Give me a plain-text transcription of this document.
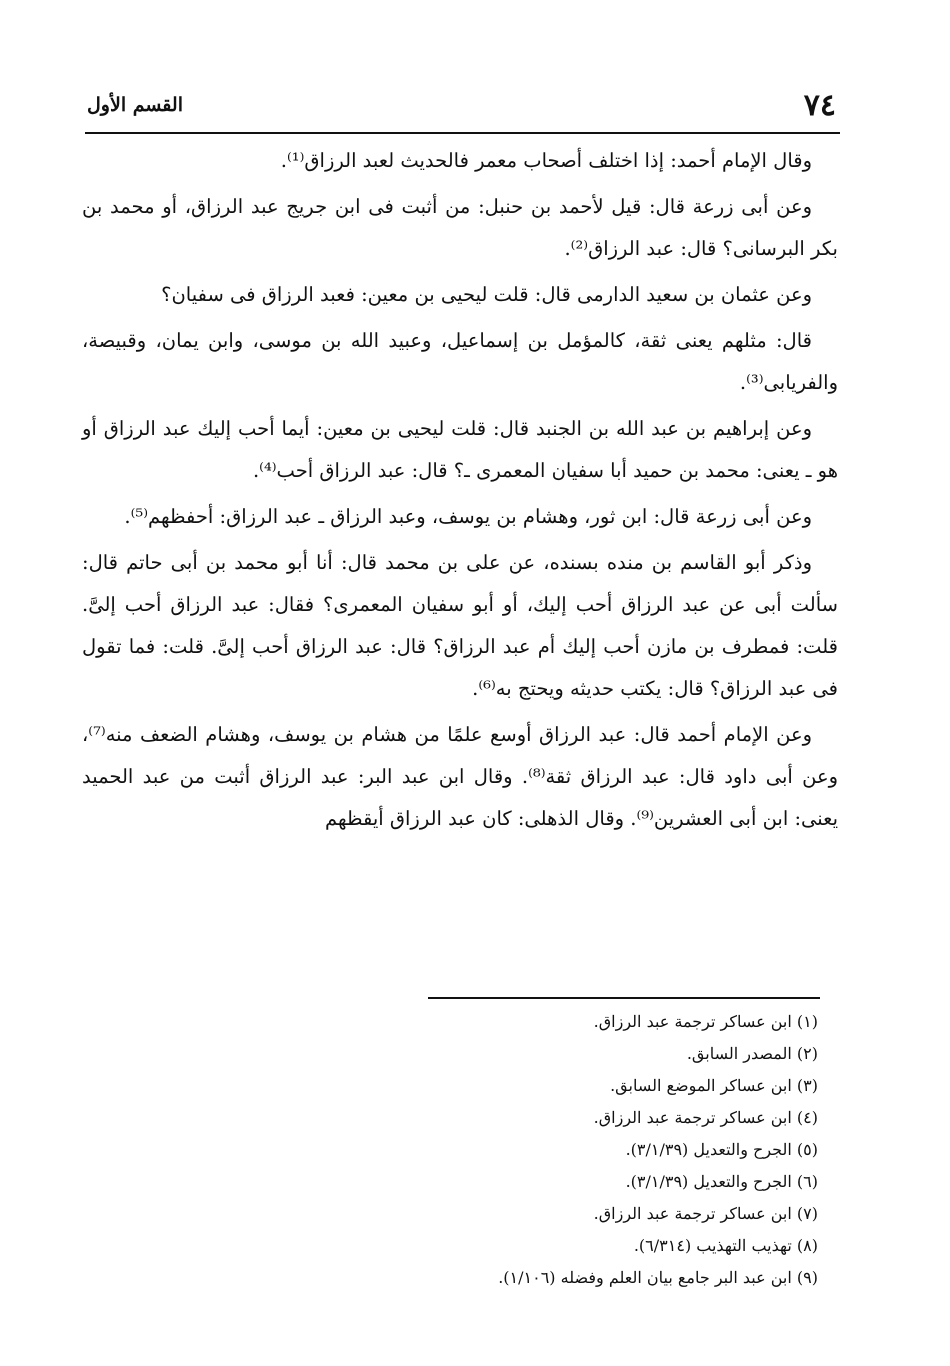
القسم الأول	٧٤

وقال الإمام أحمد: إذا اختلف أصحاب معمر فالحديث لعبد الرزاق⁽¹⁾.

وعن أبى زرعة قال: قيل لأحمد بن حنبل: من أثبت فى ابن جريج عبد الرزاق، أو محمد بن بكر البرسانى؟ قال: عبد الرزاق⁽²⁾.

وعن عثمان بن سعيد الدارمى قال: قلت ليحيى بن معين: فعبد الرزاق فى سفيان؟

قال: مثلهم يعنى ثقة، كالمؤمل بن إسماعيل، وعبيد الله بن موسى، وابن يمان، وقبيصة، والفريابى⁽³⁾.

وعن إبراهيم بن عبد الله بن الجنبد قال: قلت ليحيى بن معين: أيما أحب إليك عبد الرزاق أو هو ـ يعنى: محمد بن حميد أبا سفيان المعمرى ـ؟ قال: عبد الرزاق أحب⁽⁴⁾.

وعن أبى زرعة قال: ابن ثور، وهشام بن يوسف، وعبد الرزاق ـ عبد الرزاق: أحفظهم⁽⁵⁾.

وذكر أبو القاسم بن منده بسنده، عن على بن محمد قال: أنا أبو محمد بن أبى حاتم قال: سألت أبى عن عبد الرزاق أحب إليك، أو أبو سفيان المعمرى؟ فقال: عبد الرزاق أحب إلىَّ. قلت: فمطرف بن مازن أحب إليك أم عبد الرزاق؟ قال: عبد الرزاق أحب إلىَّ. قلت: فما تقول فى عبد الرزاق؟ قال: يكتب حديثه ويحتج به⁽⁶⁾.

وعن الإمام أحمد قال: عبد الرزاق أوسع علمًا من هشام بن يوسف، وهشام الضعف منه⁽⁷⁾، وعن أبى داود قال: عبد الرزاق ثقة⁽⁸⁾. وقال ابن عبد البر: عبد الرزاق أثبت من عبد الحميد يعنى: ابن أبى العشرين⁽⁹⁾. وقال الذهلى: كان عبد الرزاق أيقظهم

(١) ابن عساكر ترجمة عبد الرزاق.
(٢) المصدر السابق.
(٣) ابن عساكر الموضع السابق.
(٤) ابن عساكر ترجمة عبد الرزاق.
(٥) الجرح والتعديل (٣/١/٣٩).
(٦) الجرح والتعديل (٣/١/٣٩).
(٧) ابن عساكر ترجمة عبد الرزاق.
(٨) تهذيب التهذيب (٦/٣١٤).
(٩) ابن عبد البر جامع بيان العلم وفضله (١/١٠٦).
